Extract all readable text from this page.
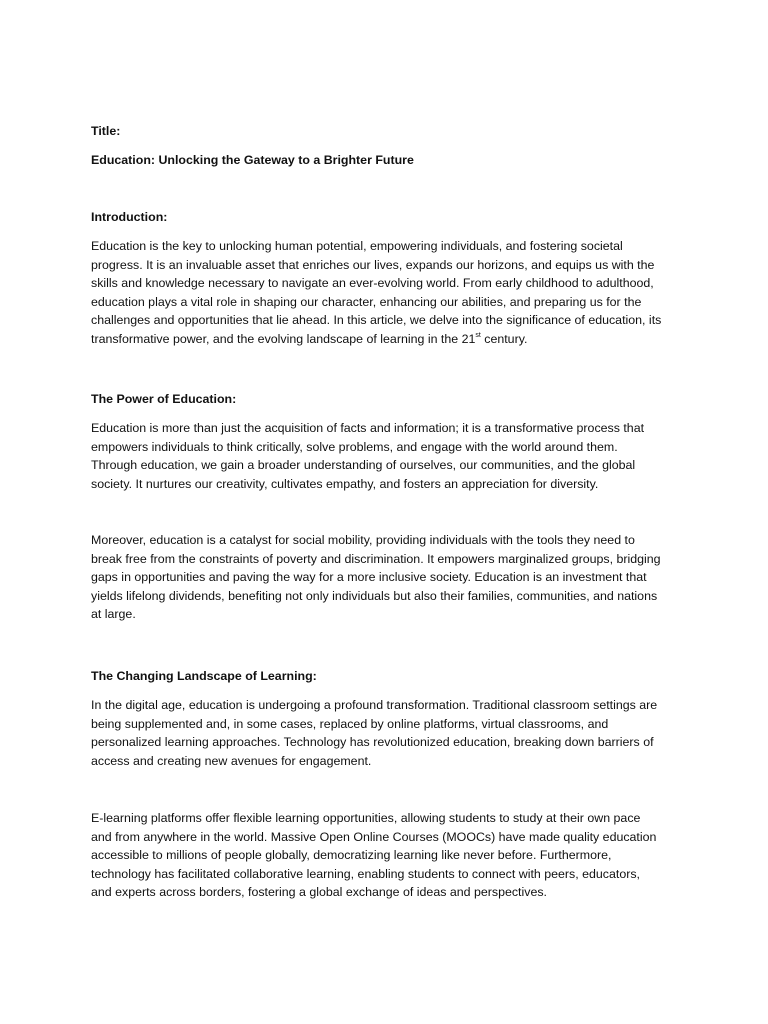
Title:

Education: Unlocking the Gateway to a Brighter Future

Introduction:

Education is the key to unlocking human potential, empowering individuals, and fostering societal
progress. It is an invaluable asset that enriches our lives, expands our horizons, and equips us with the
skills and knowledge necessary to navigate an ever-evolving world. From early childhood to adulthood,
education plays a vital role in shaping our character, enhancing our abilities, and preparing us for the
challenges and opportunities that lie ahead. In this article, we delve into the significance of education, its
transformative power, and the evolving landscape of learning in the 21st century.

The Power of Education:

Education is more than just the acquisition of facts and information; it is a transformative process that
empowers individuals to think critically, solve problems, and engage with the world around them.
Through education, we gain a broader understanding of ourselves, our communities, and the global
society. It nurtures our creativity, cultivates empathy, and fosters an appreciation for diversity.
Moreover, education is a catalyst for social mobility, providing individuals with the tools they need to
break free from the constraints of poverty and discrimination. It empowers marginalized groups, bridging
gaps in opportunities and paving the way for a more inclusive society. Education is an investment that
yields lifelong dividends, benefiting not only individuals but also their families, communities, and nations
at large.

The Changing Landscape of Learning:

In the digital age, education is undergoing a profound transformation. Traditional classroom settings are
being supplemented and, in some cases, replaced by online platforms, virtual classrooms, and
personalized learning approaches. Technology has revolutionized education, breaking down barriers of
access and creating new avenues for engagement.
E-learning platforms offer flexible learning opportunities, allowing students to study at their own pace
and from anywhere in the world. Massive Open Online Courses (MOOCs) have made quality education
accessible to millions of people globally, democratizing learning like never before. Furthermore,
technology has facilitated collaborative learning, enabling students to connect with peers, educators,
and experts across borders, fostering a global exchange of ideas and perspectives.
